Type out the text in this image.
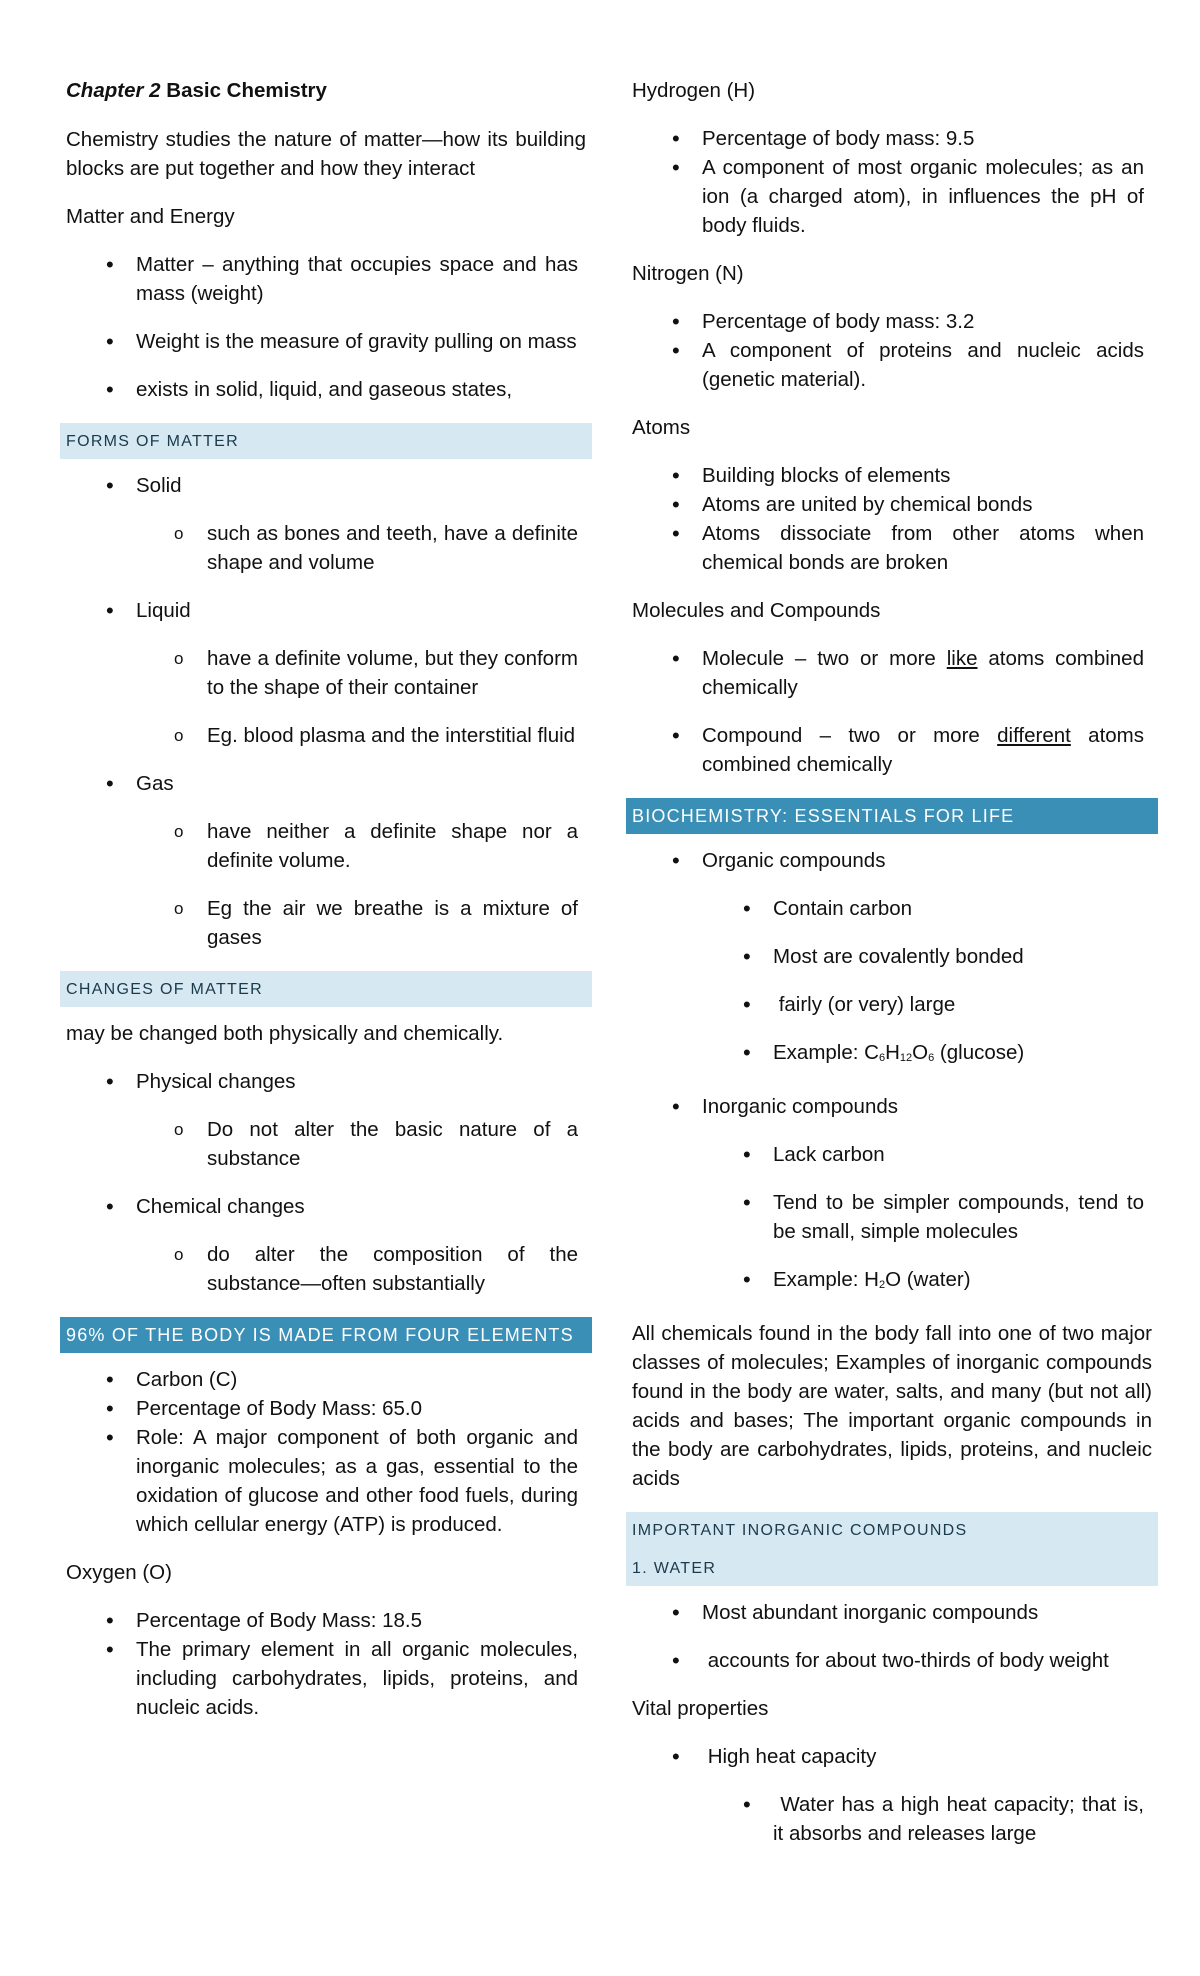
Chapter 2 Basic Chemistry

Chemistry studies the nature of matter—how its building blocks are put together and how they interact

Matter and Energy

• Matter – anything that occupies space and has mass (weight)
• Weight is the measure of gravity pulling on mass
• exists in solid, liquid, and gaseous states,
FORMS OF MATTER
• Solid
o such as bones and teeth, have a definite shape and volume
• Liquid
o have a definite volume, but they conform to the shape of their container
o Eg. blood plasma and the interstitial fluid
• Gas
o have neither a definite shape nor a definite volume.
o Eg the air we breathe is a mixture of gases
CHANGES OF MATTER

may be changed both physically and chemically.

• Physical changes
o Do not alter the basic nature of a substance
• Chemical changes
o do alter the composition of the substance—often substantially
96% OF THE BODY IS MADE FROM FOUR ELEMENTS
• Carbon (C)
• Percentage of Body Mass: 65.0
• Role: A major component of both organic and inorganic molecules; as a gas, essential to the oxidation of glucose and other food fuels, during which cellular energy (ATP) is produced.

Oxygen (O)

• Percentage of Body Mass: 18.5
• The primary element in all organic molecules, including carbohydrates, lipids, proteins, and nucleic acids.

Hydrogen (H)

• Percentage of body mass: 9.5
• A component of most organic molecules; as an ion (a charged atom), in influences the pH of body fluids.

Nitrogen (N)

• Percentage of body mass: 3.2
• A component of proteins and nucleic acids (genetic material).

Atoms

• Building blocks of elements
• Atoms are united by chemical bonds
• Atoms dissociate from other atoms when chemical bonds are broken

Molecules and Compounds

• Molecule – two or more like atoms combined chemically
• Compound – two or more different atoms combined chemically
BIOCHEMISTRY: ESSENTIALS FOR LIFE
• Organic compounds
• Contain carbon
• Most are covalently bonded
•  fairly (or very) large
• Example: C6H12O6 (glucose)
• Inorganic compounds
• Lack carbon
• Tend to be simpler compounds, tend to be small, simple molecules
• Example: H2O (water)

All chemicals found in the body fall into one of two major classes of molecules; Examples of inorganic compounds found in the body are water, salts, and many (but not all) acids and bases; The important organic compounds in the body are carbohydrates, lipids, proteins, and nucleic acids

IMPORTANT INORGANIC COMPOUNDS
1. WATER
• Most abundant inorganic compounds
•  accounts for about two-thirds of body weight

Vital properties

•  High heat capacity
•  Water has a high heat capacity; that is, it absorbs and releases large
